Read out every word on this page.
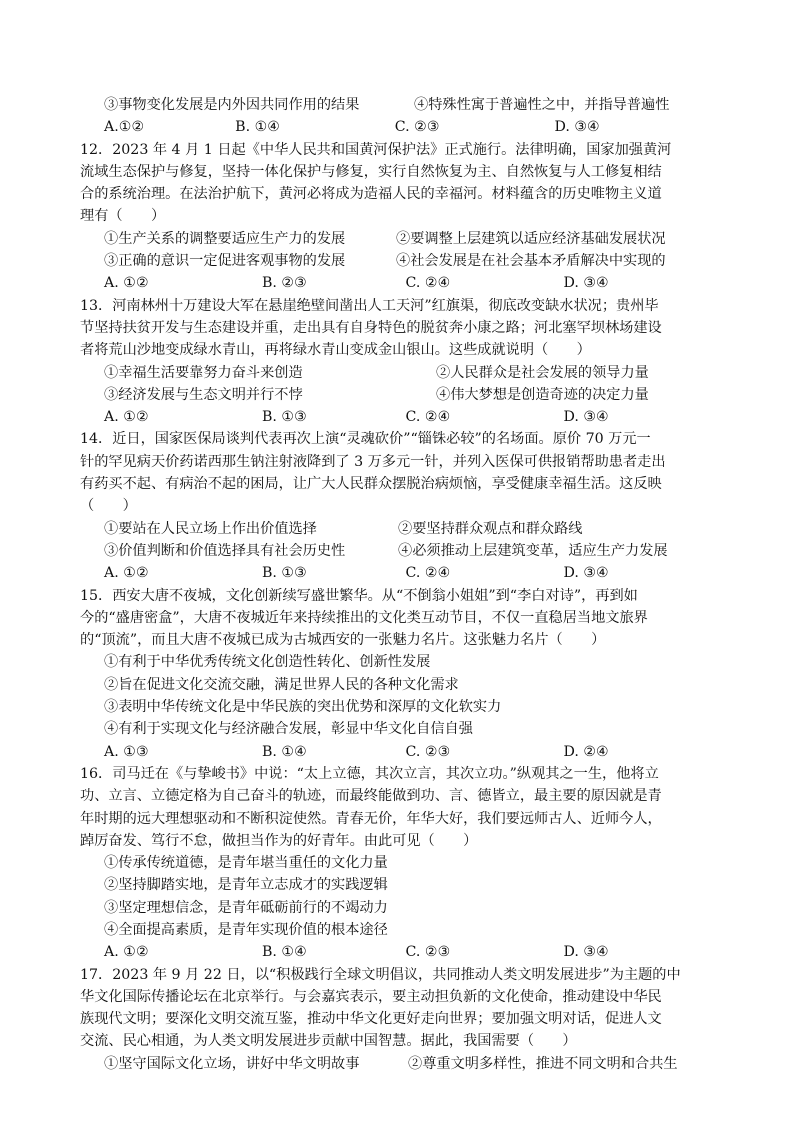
③事物变化发展是内外因共同作用的结果	④特殊性寓于普遍性之中，并指导普遍性
A.①②	B. ①④	C. ②③	D. ③④
12．2023 年 4 月 1 日起《中华人民共和国黄河保护法》正式施行。法律明确，国家加强黄河
流域生态保护与修复，坚持一体化保护与修复，实行自然恢复为主、自然恢复与人工修复相结
合的系统治理。在法治护航下，黄河必将成为造福人民的幸福河。材料蕴含的历史唯物主义道
理有（　　）
①生产关系的调整要适应生产力的发展	②要调整上层建筑以适应经济基础发展状况
③正确的意识一定促进客观事物的发展	④社会发展是在社会基本矛盾解决中实现的
A. ①②	B. ②③	C. ②④	D. ③④
13．河南林州十万建设大军在悬崖绝壁间凿出人工天河”红旗渠，彻底改变缺水状况；贵州毕
节坚持扶贫开发与生态建设并重，走出具有自身特色的脱贫奔小康之路；河北塞罕坝林场建设
者将荒山沙地变成绿水青山，再将绿水青山变成金山银山。这些成就说明（　　）
①幸福生活要靠努力奋斗来创造	②人民群众是社会发展的领导力量
③经济发展与生态文明并行不悖	④伟大梦想是创造奇迹的决定力量
A. ①②	B. ①③	C. ②④	D. ③④
14．近日，国家医保局谈判代表再次上演“灵魂砍价”“锱铢必较”的名场面。原价 70 万元一
针的罕见病天价药诺西那生钠注射液降到了 3 万多元一针，并列入医保可供报销帮助患者走出
有药买不起、有病治不起的困局，让广大人民群众摆脱治病烦恼，享受健康幸福生活。这反映
（　　）
①要站在人民立场上作出价值选择	②要坚持群众观点和群众路线
③价值判断和价值选择具有社会历史性	④必须推动上层建筑变革，适应生产力发展
A. ①②	B. ①③	C. ②④	D. ③④
15．西安大唐不夜城，文化创新续写盛世繁华。从“不倒翁小姐姐”到“李白对诗”，再到如
今的“盛唐密盒”，大唐不夜城近年来持续推出的文化类互动节目，不仅一直稳居当地文旅界
的“顶流”，而且大唐不夜城已成为古城西安的一张魅力名片。这张魅力名片（　　）
①有利于中华优秀传统文化创造性转化、创新性发展
②旨在促进文化交流交融，满足世界人民的各种文化需求
③表明中华传统文化是中华民族的突出优势和深厚的文化软实力
④有利于实现文化与经济融合发展，彰显中华文化自信自强
A. ①③	B. ①④	C. ②③	D. ②④
16．司马迁在《与挚峻书》中说：“太上立德，其次立言，其次立功。”纵观其之一生，他将立
功、立言、立德定格为自己奋斗的轨迹，而最终能做到功、言、德皆立，最主要的原因就是青
年时期的远大理想驱动和不断积淀使然。青春无价，年华大好，我们要远师古人、近师今人，
踔厉奋发、笃行不怠，做担当作为的好青年。由此可见（　　）
①传承传统道德，是青年堪当重任的文化力量
②坚持脚踏实地，是青年立志成才的实践逻辑
③坚定理想信念，是青年砥砺前行的不竭动力
④全面提高素质，是青年实现价值的根本途径
A. ①②	B. ①④	C. ②③	D. ③④
17．2023 年 9 月 22 日，以“积极践行全球文明倡议，共同推动人类文明发展进步”为主题的中
华文化国际传播论坛在北京举行。与会嘉宾表示，要主动担负新的文化使命，推动建设中华民
族现代文明；要深化文明交流互鉴，推动中华文化更好走向世界；要加强文明对话，促进人文
交流、民心相通，为人类文明发展进步贡献中国智慧。据此，我国需要（　　）
①坚守国际文化立场，讲好中华文明故事	②尊重文明多样性，推进不同文明和合共生
